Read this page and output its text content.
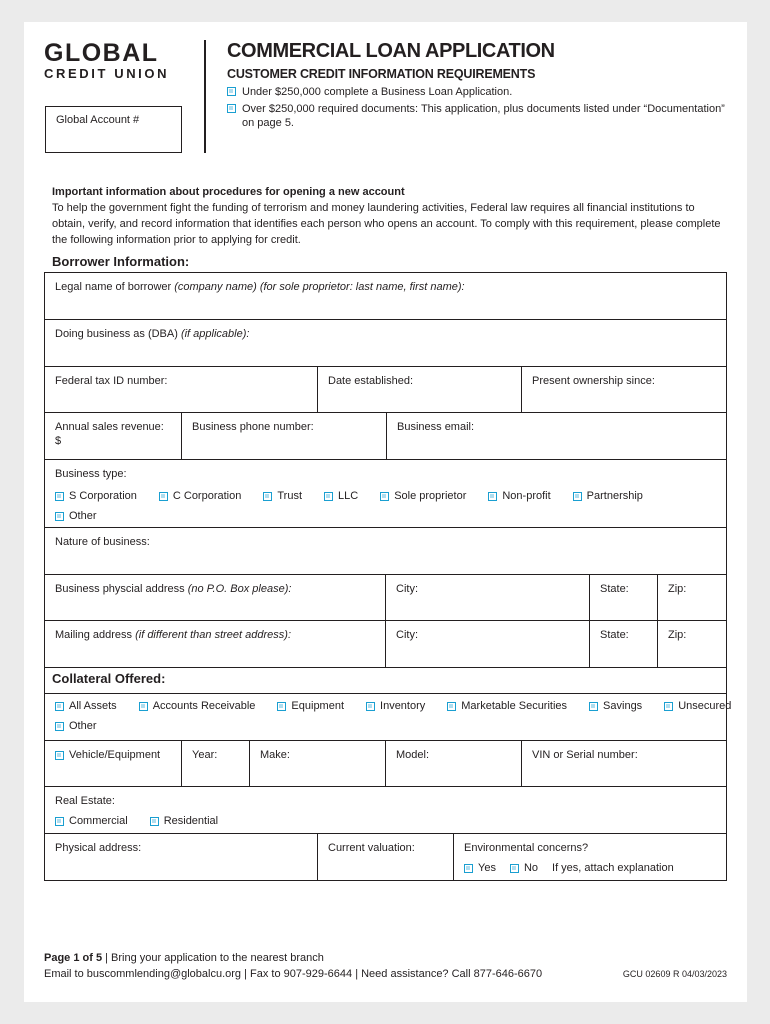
GLOBAL
CREDIT UNION
Global Account #
COMMERCIAL LOAN APPLICATION
CUSTOMER CREDIT INFORMATION REQUIREMENTS
Under $250,000 complete a Business Loan Application.
Over $250,000 required documents: This application, plus documents listed under “Documentation” on page 5.
Important information about procedures for opening a new account
To help the government fight the funding of terrorism and money laundering activities, Federal law requires all financial institutions to obtain, verify, and record information that identifies each person who opens an account. To comply with this requirement, please complete the following information prior to applying for credit.
Borrower Information:
Legal name of borrower (company name) (for sole proprietor: last name, first name):
Doing business as (DBA) (if applicable):
Federal tax ID number:	Date established:	Present ownership since:
Annual sales revenue:
$
Business phone number:	Business email:
Business type:
S Corporation	C Corporation	Trust	LLC	Sole proprietor	Non-profit	Partnership
Other
Nature of business:
Business physcial address (no P.O. Box please):	City:	State:	Zip:
Mailing address (if different than street address):	City:	State:	Zip:
Collateral Offered:
All Assets	Accounts Receivable	Equipment	Inventory	Marketable Securities	Savings	Unsecured
Other
Vehicle/Equipment	Year:	Make:	Model:	VIN or Serial number:
Real Estate:
Commercial	Residential
Physical address:	Current valuation:	Environmental concerns?
Yes	No If yes, attach explanation
Page 1 of 5 | Bring your application to the nearest branch
Email to buscommlending@globalcu.org | Fax to 907-929-6644 | Need assistance? Call 877-646-6670	GCU 02609 R 04/03/2023
